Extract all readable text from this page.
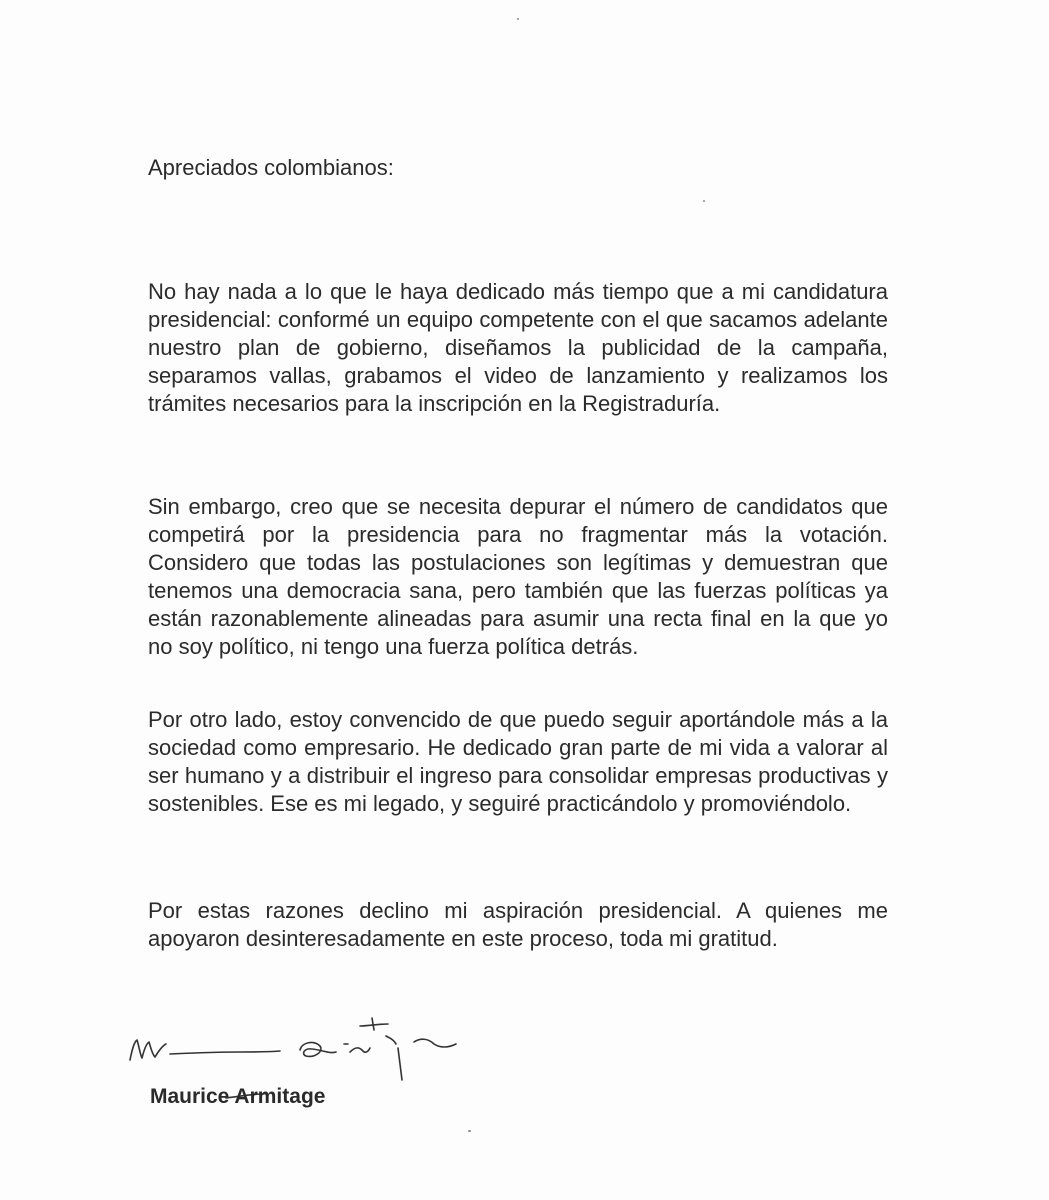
Apreciados colombianos:

No hay nada a lo que le haya dedicado más tiempo que a mi candidatura presidencial: conformé un equipo competente con el que sacamos adelante nuestro plan de gobierno, diseñamos la publicidad de la campaña, separamos vallas, grabamos el video de lanzamiento y realizamos los trámites necesarios para la inscripción en la Registraduría.

Sin embargo, creo que se necesita depurar el número de candidatos que competirá por la presidencia para no fragmentar más la votación. Considero que todas las postulaciones son legítimas y demuestran que tenemos una democracia sana, pero también que las fuerzas políticas ya están razonablemente alineadas para asumir una recta final en la que yo no soy político, ni tengo una fuerza política detrás.

Por otro lado, estoy convencido de que puedo seguir aportándole más a la sociedad como empresario. He dedicado gran parte de mi vida a valorar al ser humano y a distribuir el ingreso para consolidar empresas productivas y sostenibles. Ese es mi legado, y seguiré practicándolo y promoviéndolo.

Por estas razones declino mi aspiración presidencial. A quienes me apoyaron desinteresadamente en este proceso, toda mi gratitud.

Maurice Armitage
